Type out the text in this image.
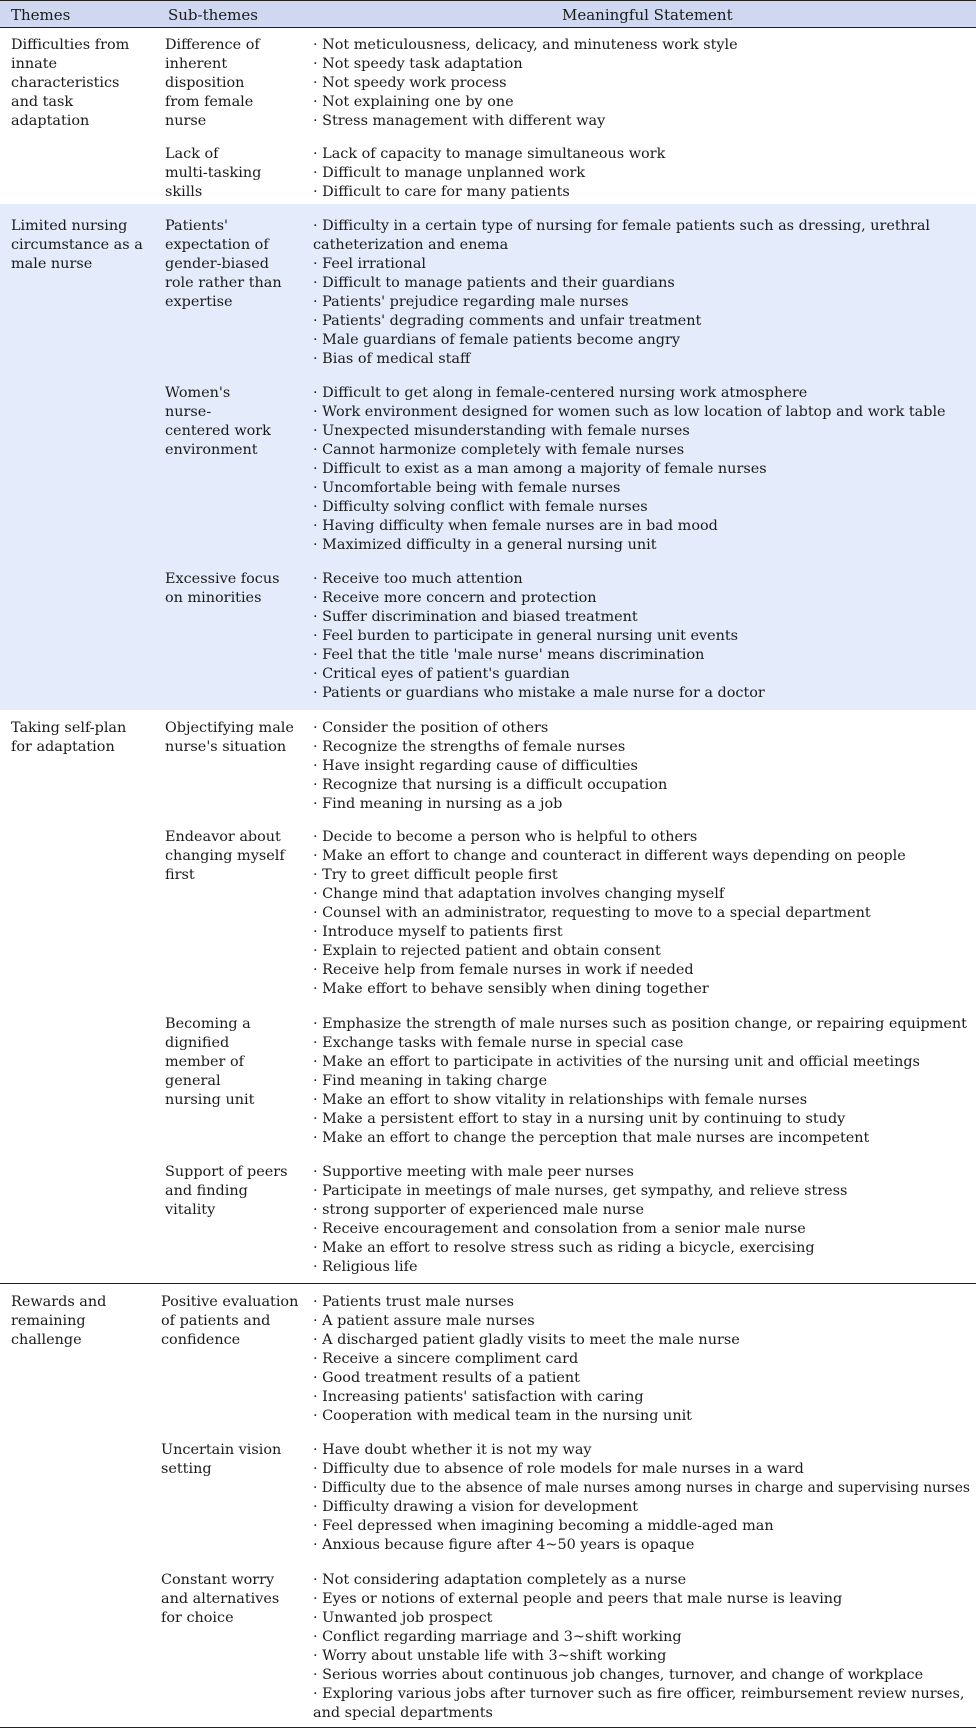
Themes	Sub-themes	Meaningful Statement
Difficulties from innate characteristics and task adaptation
Difference of inherent disposition from female nurse
· Not meticulousness, delicacy, and minuteness work style
· Not speedy task adaptation
· Not speedy work process
· Not explaining one by one
· Stress management with different way
Lack of multi-tasking skills
· Lack of capacity to manage simultaneous work
· Difficult to manage unplanned work
· Difficult to care for many patients
Limited nursing circumstance as a male nurse
Patients' expectation of gender-biased role rather than expertise
· Difficulty in a certain type of nursing for female patients such as dressing, urethral catheterization and enema
· Feel irrational
· Difficult to manage patients and their guardians
· Patients' prejudice regarding male nurses
· Patients' degrading comments and unfair treatment
· Male guardians of female patients become angry
· Bias of medical staff
Women's nurse-centered work environment
· Difficult to get along in female-centered nursing work atmosphere
· Work environment designed for women such as low location of labtop and work table
· Unexpected misunderstanding with female nurses
· Cannot harmonize completely with female nurses
· Difficult to exist as a man among a majority of female nurses
· Uncomfortable being with female nurses
· Difficulty solving conflict with female nurses
· Having difficulty when female nurses are in bad mood
· Maximized difficulty in a general nursing unit
Excessive focus on minorities
· Receive too much attention
· Receive more concern and protection
· Suffer discrimination and biased treatment
· Feel burden to participate in general nursing unit events
· Feel that the title 'male nurse' means discrimination
· Critical eyes of patient's guardian
· Patients or guardians who mistake a male nurse for a doctor
Taking self-plan for adaptation
Objectifying male nurse's situation
· Consider the position of others
· Recognize the strengths of female nurses
· Have insight regarding cause of difficulties
· Recognize that nursing is a difficult occupation
· Find meaning in nursing as a job
Endeavor about changing myself first
· Decide to become a person who is helpful to others
· Make an effort to change and counteract in different ways depending on people
· Try to greet difficult people first
· Change mind that adaptation involves changing myself
· Counsel with an administrator, requesting to move to a special department
· Introduce myself to patients first
· Explain to rejected patient and obtain consent
· Receive help from female nurses in work if needed
· Make effort to behave sensibly when dining together
Becoming a dignified member of general nursing unit
· Emphasize the strength of male nurses such as position change, or repairing equipment
· Exchange tasks with female nurse in special case
· Make an effort to participate in activities of the nursing unit and official meetings
· Find meaning in taking charge
· Make an effort to show vitality in relationships with female nurses
· Make a persistent effort to stay in a nursing unit by continuing to study
· Make an effort to change the perception that male nurses are incompetent
Support of peers and finding vitality
· Supportive meeting with male peer nurses
· Participate in meetings of male nurses, get sympathy, and relieve stress
· strong supporter of experienced male nurse
· Receive encouragement and consolation from a senior male nurse
· Make an effort to resolve stress such as riding a bicycle, exercising
· Religious life
Rewards and remaining challenge
Positive evaluation of patients and confidence
· Patients trust male nurses
· A patient assure male nurses
· A discharged patient gladly visits to meet the male nurse
· Receive a sincere compliment card
· Good treatment results of a patient
· Increasing patients' satisfaction with caring
· Cooperation with medical team in the nursing unit
Uncertain vision setting
· Have doubt whether it is not my way
· Difficulty due to absence of role models for male nurses in a ward
· Difficulty due to the absence of male nurses among nurses in charge and supervising nurses
· Difficulty drawing a vision for development
· Feel depressed when imagining becoming a middle-aged man
· Anxious because figure after 4~50 years is opaque
Constant worry and alternatives for choice
· Not considering adaptation completely as a nurse
· Eyes or notions of external people and peers that male nurse is leaving
· Unwanted job prospect
· Conflict regarding marriage and 3~shift working
· Worry about unstable life with 3~shift working
· Serious worries about continuous job changes, turnover, and change of workplace
· Exploring various jobs after turnover such as fire officer, reimbursement review nurses, and special departments
